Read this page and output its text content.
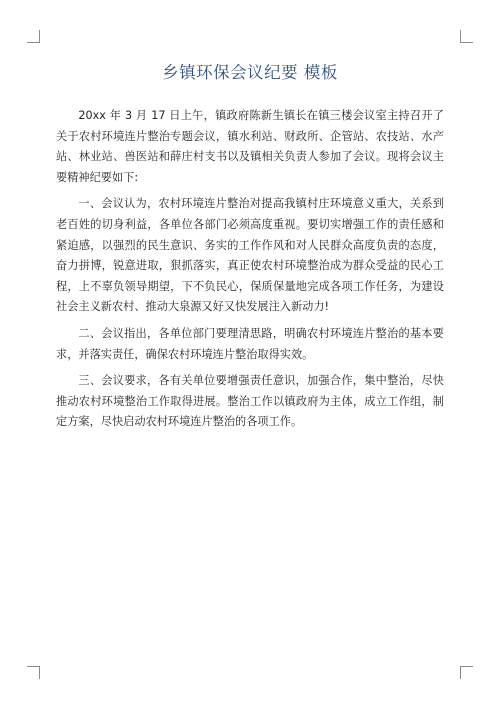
乡镇环保会议纪要 模板

20xx 年 3 月 17 日上午，镇政府陈新生镇长在镇三楼会议室主持召开了关于农村环境连片整治专题会议，镇水利站、财政所、企管站、农技站、水产站、林业站、兽医站和薛庄村支书以及镇相关负责人参加了会议。现将会议主要精神纪要如下:

一、会议认为，农村环境连片整治对提高我镇村庄环境意义重大，关系到老百姓的切身利益，各单位各部门必须高度重视。要切实增强工作的责任感和紧迫感，以强烈的民生意识、务实的工作作风和对人民群众高度负责的态度，奋力拼博，锐意进取，狠抓落实，真正使农村环境整治成为群众受益的民心工程，上不辜负领导期望，下不负民心，保质保量地完成各项工作任务，为建设社会主义新农村、推动大泉源又好又快发展注入新动力!

二、会议指出，各单位部门要理清思路，明确农村环境连片整治的基本要求，并落实责任，确保农村环境连片整治取得实效。

三、会议要求，各有关单位要增强责任意识，加强合作，集中整治，尽快推动农村环境整治工作取得进展。整治工作以镇政府为主体，成立工作组，制定方案，尽快启动农村环境连片整治的各项工作。
